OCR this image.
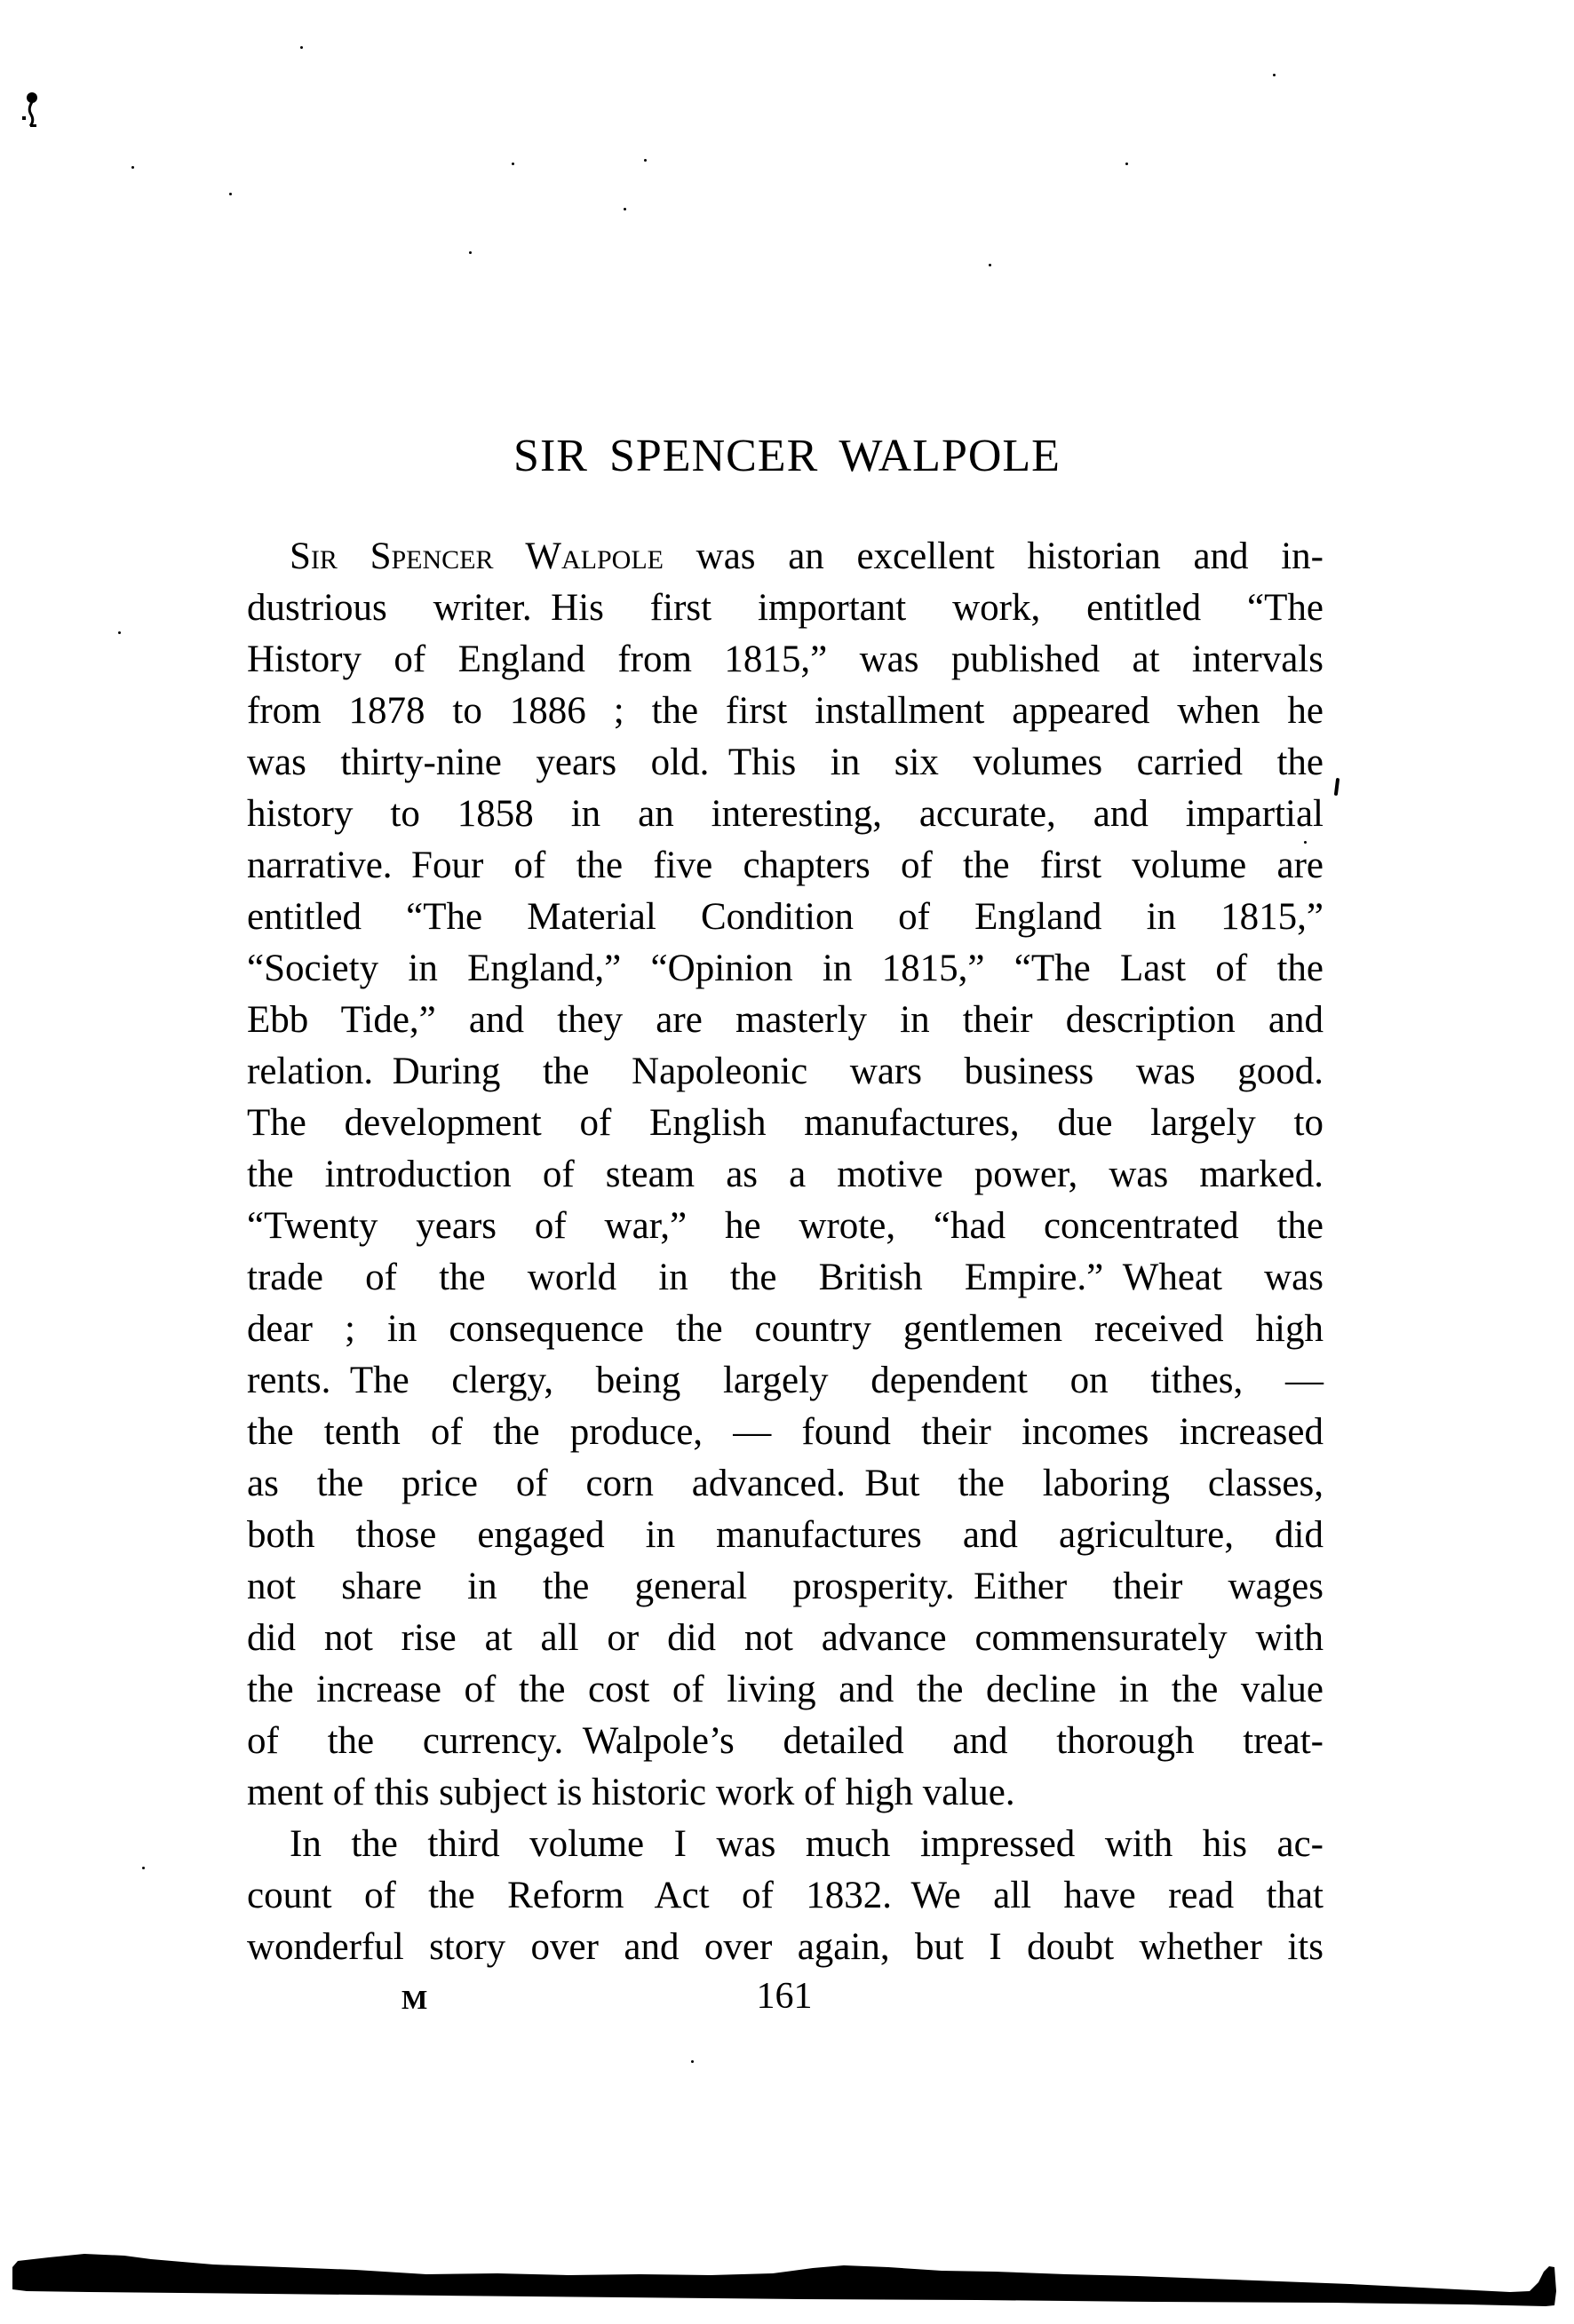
SIR SPENCER WALPOLE
Sir Spencer Walpole was an excellent historian and in-
dustrious writer. His first important work, entitled “The
History of England from 1815,” was published at intervals
from 1878 to 1886 ; the first installment appeared when he
was thirty-nine years old. This in six volumes carried the
history to 1858 in an interesting, accurate, and impartial
narrative. Four of the five chapters of the first volume are
entitled “The Material Condition of England in 1815,”
“Society in England,” “Opinion in 1815,” “The Last of the
Ebb Tide,” and they are masterly in their description and
relation. During the Napoleonic wars business was good.
The development of English manufactures, due largely to
the introduction of steam as a motive power, was marked.
“Twenty years of war,” he wrote, “had concentrated the
trade of the world in the British Empire.” Wheat was
dear ; in consequence the country gentlemen received high
rents. The clergy, being largely dependent on tithes, —
the tenth of the produce, — found their incomes increased
as the price of corn advanced. But the laboring classes,
both those engaged in manufactures and agriculture, did
not share in the general prosperity. Either their wages
did not rise at all or did not advance commensurately with
the increase of the cost of living and the decline in the value
of the currency. Walpole’s detailed and thorough treat-
ment of this subject is historic work of high value.
In the third volume I was much impressed with his ac-
count of the Reform Act of 1832. We all have read that
wonderful story over and over again, but I doubt whether its
M	161
